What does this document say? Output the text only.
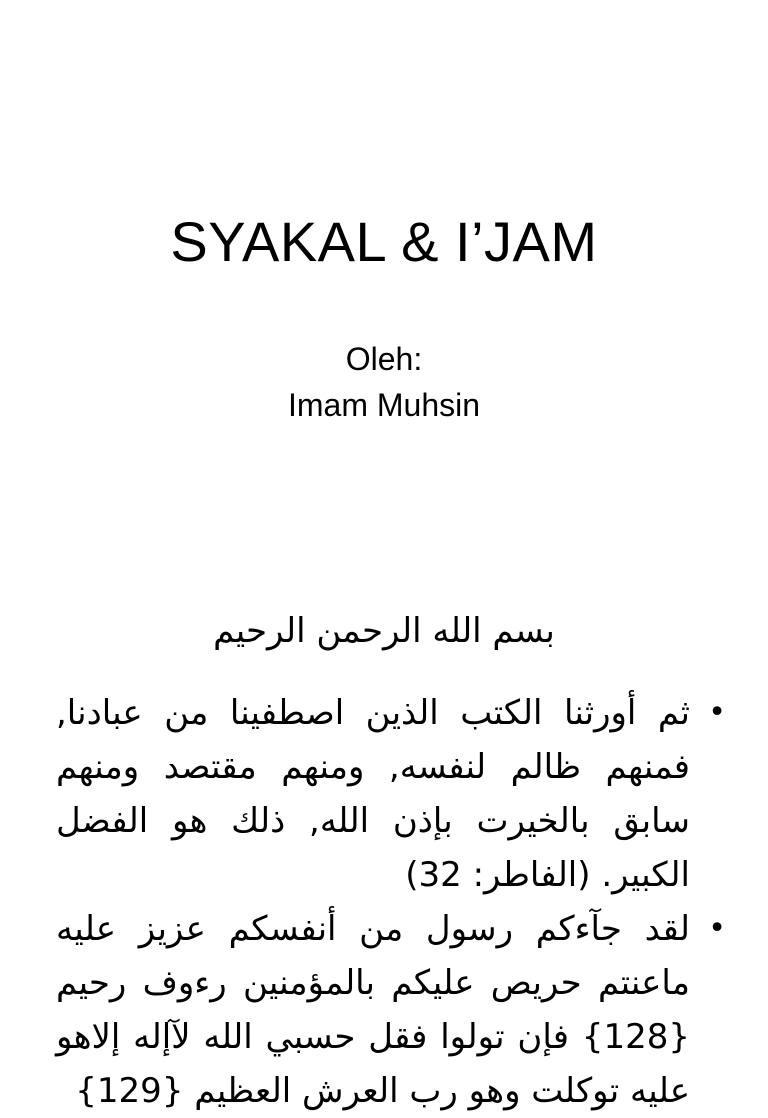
SYAKAL & I’JAM
Oleh:
Imam Muhsin
بسم الله الرحمن الرحيم
•
ثم أورثنا الكتب الذين اصطفينا من عبادنا, فمنهم ظالم لنفسه, ومنهم مقتصد ومنهم سابق بالخيرت بإذن الله, ذلك هو الفضل الكبير. (الفاطر: 32)
•
لقد جآءكم رسول من أنفسكم عزيز عليه ماعنتم حريص عليكم بالمؤمنين رءوف رحيم {128} فإن تولوا فقل حسبي الله لآإله إلاهو عليه توكلت وهو رب العرش العظيم {129}
